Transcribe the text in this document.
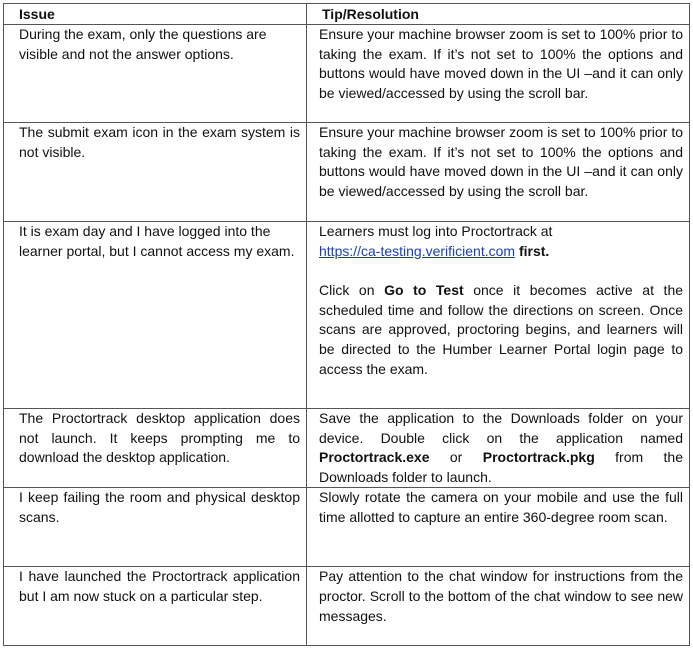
Issue	Tip/Resolution

During the exam, only the questions are visible and not the answer options.	Ensure your machine browser zoom is set to 100% prior to taking the exam. If it’s not set to 100% the options and buttons would have moved down in the UI –and it can only be viewed/accessed by using the scroll bar.

The submit exam icon in the exam system is not visible.	Ensure your machine browser zoom is set to 100% prior to taking the exam. If it’s not set to 100% the options and buttons would have moved down in the UI –and it can only be viewed/accessed by using the scroll bar.

It is exam day and I have logged into the learner portal, but I cannot access my exam.	Learners must log into Proctortrack at
https://ca-testing.verificient.com first.

Click on Go to Test once it becomes active at the scheduled time and follow the directions on screen. Once scans are approved, proctoring begins, and learners will be directed to the Humber Learner Portal login page to access the exam.

The Proctortrack desktop application does not launch. It keeps prompting me to download the desktop application.	Save the application to the Downloads folder on your device. Double click on the application named Proctortrack.exe or Proctortrack.pkg from the Downloads folder to launch.

I keep failing the room and physical desktop scans.	Slowly rotate the camera on your mobile and use the full time allotted to capture an entire 360-degree room scan.

I have launched the Proctortrack application but I am now stuck on a particular step.	Pay attention to the chat window for instructions from the proctor. Scroll to the bottom of the chat window to see new messages.
